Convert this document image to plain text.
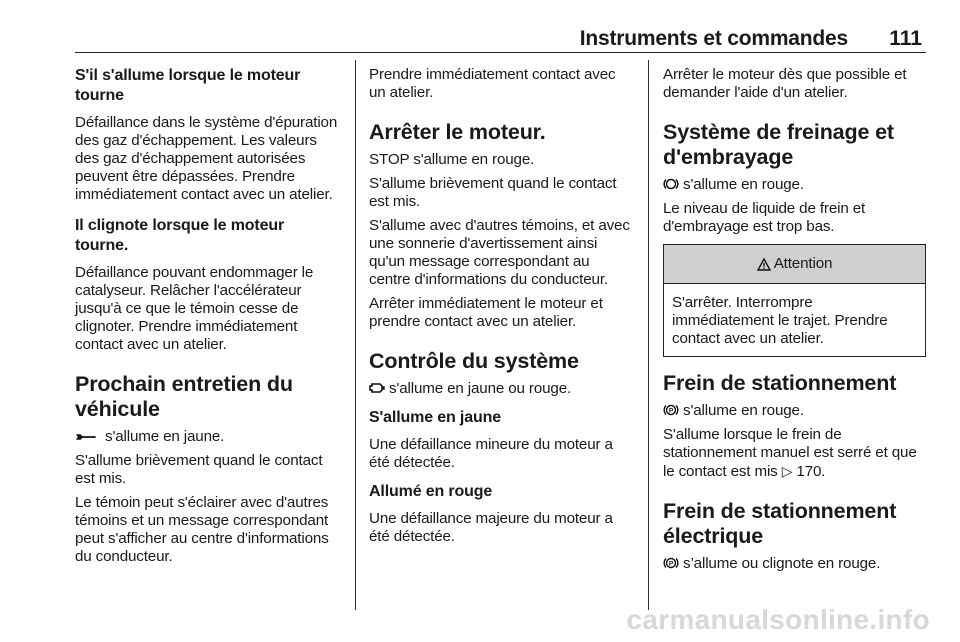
Instruments et commandes 111
S'il s'allume lorsque le moteur tourne

Défaillance dans le système d'épuration des gaz d'échappement. Les valeurs des gaz d'échappement autorisées peuvent être dépassées. Prendre immédiatement contact avec un atelier.

Il clignote lorsque le moteur tourne.

Défaillance pouvant endommager le catalyseur. Relâcher l'accélérateur jusqu'à ce que le témoin cesse de clignoter. Prendre immédiatement contact avec un atelier.

Prochain entretien du véhicule

s'allume en jaune.

S'allume brièvement quand le contact est mis.

Le témoin peut s'éclairer avec d'autres témoins et un message correspondant peut s'afficher au centre d'informations du conducteur.

Prendre immédiatement contact avec un atelier.

Arrêter le moteur.

STOP s'allume en rouge.

S'allume brièvement quand le contact est mis.

S'allume avec d'autres témoins, et avec une sonnerie d'avertissement ainsi qu'un message correspondant au centre d'informations du conducteur.

Arrêter immédiatement le moteur et prendre contact avec un atelier.

Contrôle du système

s'allume en jaune ou rouge.

S'allume en jaune

Une défaillance mineure du moteur a été détectée.

Allumé en rouge

Une défaillance majeure du moteur a été détectée.

Arrêter le moteur dès que possible et demander l'aide d'un atelier.

Système de freinage et d'embrayage

s'allume en rouge.

Le niveau de liquide de frein et d'embrayage est trop bas.

Attention
S'arrêter. Interrompre immédiatement le trajet. Prendre contact avec un atelier.
Frein de stationnement

P s'allume en rouge.

S'allume lorsque le frein de stationnement manuel est serré et que le contact est mis ▷ 170.

Frein de stationnement électrique

P s’allume ou clignote en rouge.

carmanualsonline.info
